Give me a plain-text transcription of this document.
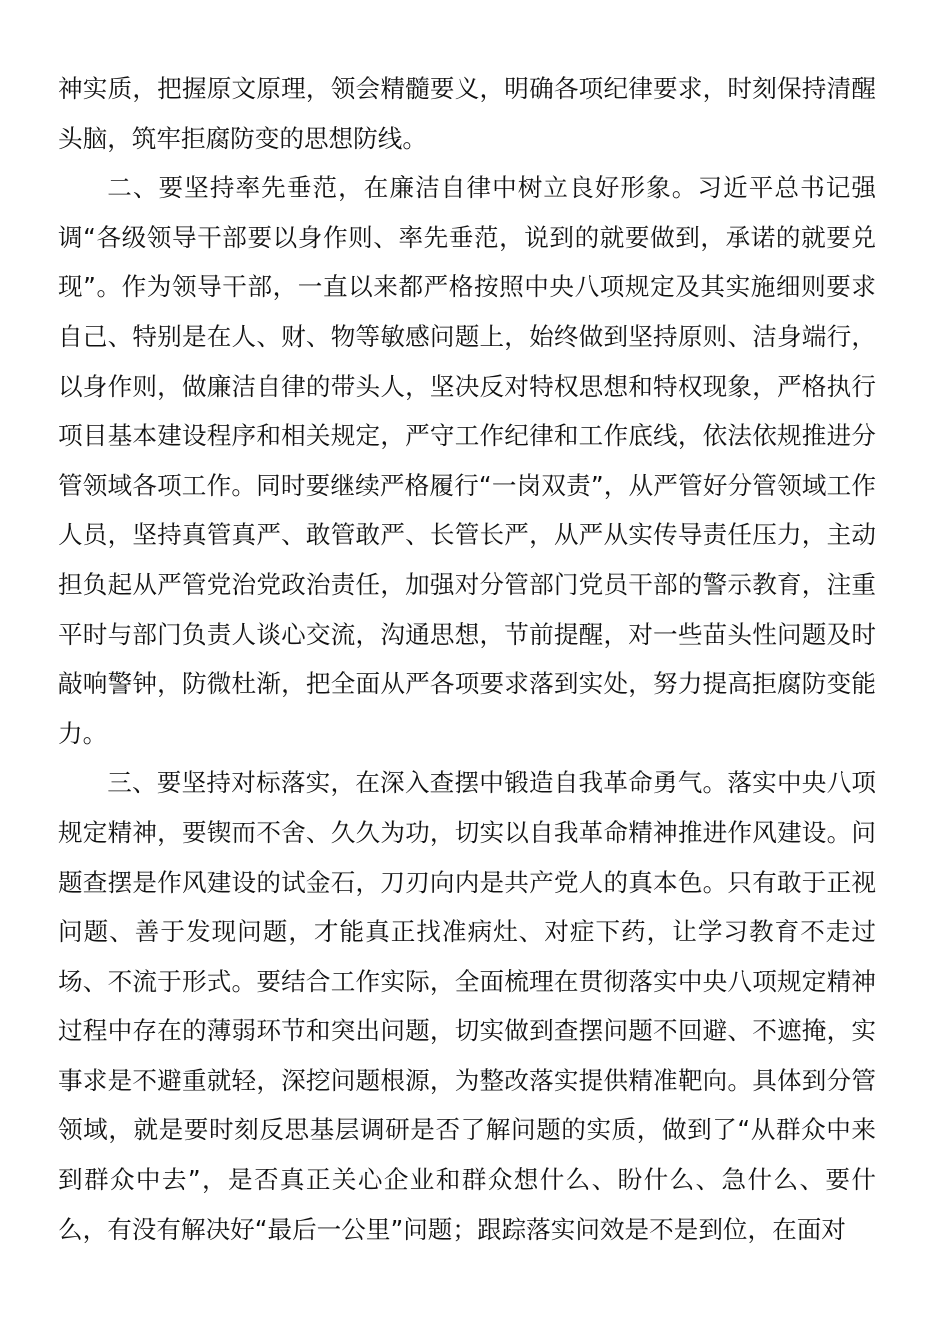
神实质，把握原文原理，领会精髓要义，明确各项纪律要求，时刻保持清醒头脑，筑牢拒腐防变的思想防线。

二、要坚持率先垂范，在廉洁自律中树立良好形象。习近平总书记强调“各级领导干部要以身作则、率先垂范，说到的就要做到，承诺的就要兑现”。作为领导干部，一直以来都严格按照中央八项规定及其实施细则要求自己、特别是在人、财、物等敏感问题上，始终做到坚持原则、洁身端行，以身作则，做廉洁自律的带头人，坚决反对特权思想和特权现象，严格执行项目基本建设程序和相关规定，严守工作纪律和工作底线，依法依规推进分管领域各项工作。同时要继续严格履行“一岗双责”，从严管好分管领域工作人员，坚持真管真严、敢管敢严、长管长严，从严从实传导责任压力，主动担负起从严管党治党政治责任，加强对分管部门党员干部的警示教育，注重平时与部门负责人谈心交流，沟通思想，节前提醒，对一些苗头性问题及时敲响警钟，防微杜渐，把全面从严各项要求落到实处，努力提高拒腐防变能力。

三、要坚持对标落实，在深入查摆中锻造自我革命勇气。落实中央八项规定精神，要锲而不舍、久久为功，切实以自我革命精神推进作风建设。问题查摆是作风建设的试金石，刀刃向内是共产党人的真本色。只有敢于正视问题、善于发现问题，才能真正找准病灶、对症下药，让学习教育不走过场、不流于形式。要结合工作实际，全面梳理在贯彻落实中央八项规定精神过程中存在的薄弱环节和突出问题，切实做到查摆问题不回避、不遮掩，实事求是不避重就轻，深挖问题根源，为整改落实提供精准靶向。具体到分管领域，就是要时刻反思基层调研是否了解问题的实质，做到了“从群众中来到群众中去”，是否真正关心企业和群众想什么、盼什么、急什么、要什么，有没有解决好“最后一公里”问题；跟踪落实问效是不是到位，在面对
